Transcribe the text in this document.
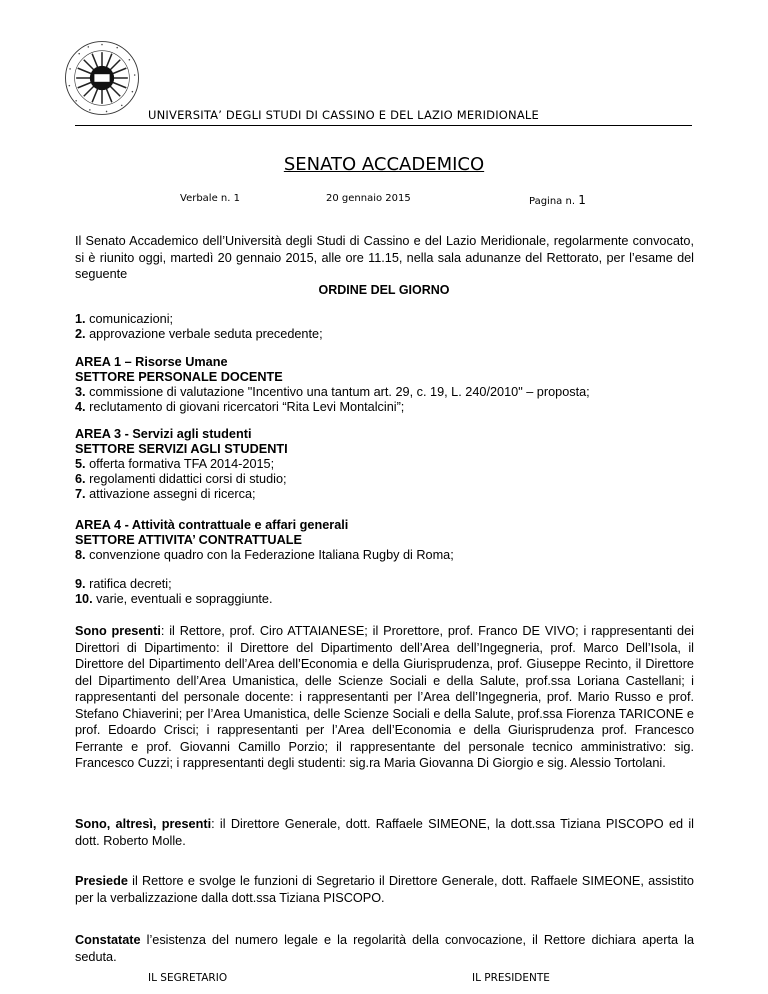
UNIVERSITA’ DEGLI STUDI DI CASSINO E DEL LAZIO MERIDIONALE
SENATO ACCADEMICO
Verbale n. 1	20 gennaio 2015	Pagina n. 1
Il Senato Accademico dell’Università degli Studi di Cassino e del Lazio Meridionale, regolarmente convocato, si è riunito oggi, martedì 20 gennaio 2015, alle ore 11.15, nella sala adunanze del Rettorato, per l’esame del seguente
ORDINE DEL GIORNO
1. comunicazioni;
2. approvazione verbale seduta precedente;
AREA 1 – Risorse Umane
SETTORE PERSONALE DOCENTE
3. commissione di valutazione "Incentivo una tantum art. 29, c. 19, L. 240/2010" – proposta;
4. reclutamento di giovani ricercatori “Rita Levi Montalcini”;
AREA 3 - Servizi agli studenti
SETTORE SERVIZI AGLI STUDENTI
5. offerta formativa TFA 2014-2015;
6. regolamenti didattici corsi di studio;
7. attivazione assegni di ricerca;
AREA 4 - Attività contrattuale e affari generali
SETTORE ATTIVITA’ CONTRATTUALE
8. convenzione quadro con la Federazione Italiana Rugby di Roma;
9. ratifica decreti;
10. varie, eventuali e sopraggiunte.
Sono presenti: il Rettore, prof. Ciro ATTAIANESE; il Prorettore, prof. Franco DE VIVO; i rappresentanti dei Direttori di Dipartimento: il Direttore del Dipartimento dell’Area dell’Ingegneria, prof. Marco Dell’Isola, il Direttore del Dipartimento dell’Area dell’Economia e della Giurisprudenza, prof. Giuseppe Recinto, il Direttore del Dipartimento dell’Area Umanistica, delle Scienze Sociali e della Salute, prof.ssa Loriana Castellani; i rappresentanti del personale docente: i rappresentanti per l’Area dell’Ingegneria, prof. Mario Russo e prof. Stefano Chiaverini; per l’Area Umanistica, delle Scienze Sociali e della Salute, prof.ssa Fiorenza TARICONE e prof. Edoardo Crisci; i rappresentanti per l’Area dell’Economia e della Giurisprudenza prof. Francesco Ferrante e prof. Giovanni Camillo Porzio; il rappresentante del personale tecnico amministrativo: sig. Francesco Cuzzi; i rappresentanti degli studenti: sig.ra Maria Giovanna Di Giorgio e sig. Alessio Tortolani.
Sono, altresì, presenti: il Direttore Generale, dott. Raffaele SIMEONE, la dott.ssa Tiziana PISCOPO ed il dott. Roberto Molle.
Presiede il Rettore e svolge le funzioni di Segretario il Direttore Generale, dott. Raffaele SIMEONE, assistito per la verbalizzazione dalla dott.ssa Tiziana PISCOPO.
Constatate l’esistenza del numero legale e la regolarità della convocazione, il Rettore dichiara aperta la seduta.
IL SEGRETARIO	IL PRESIDENTE
